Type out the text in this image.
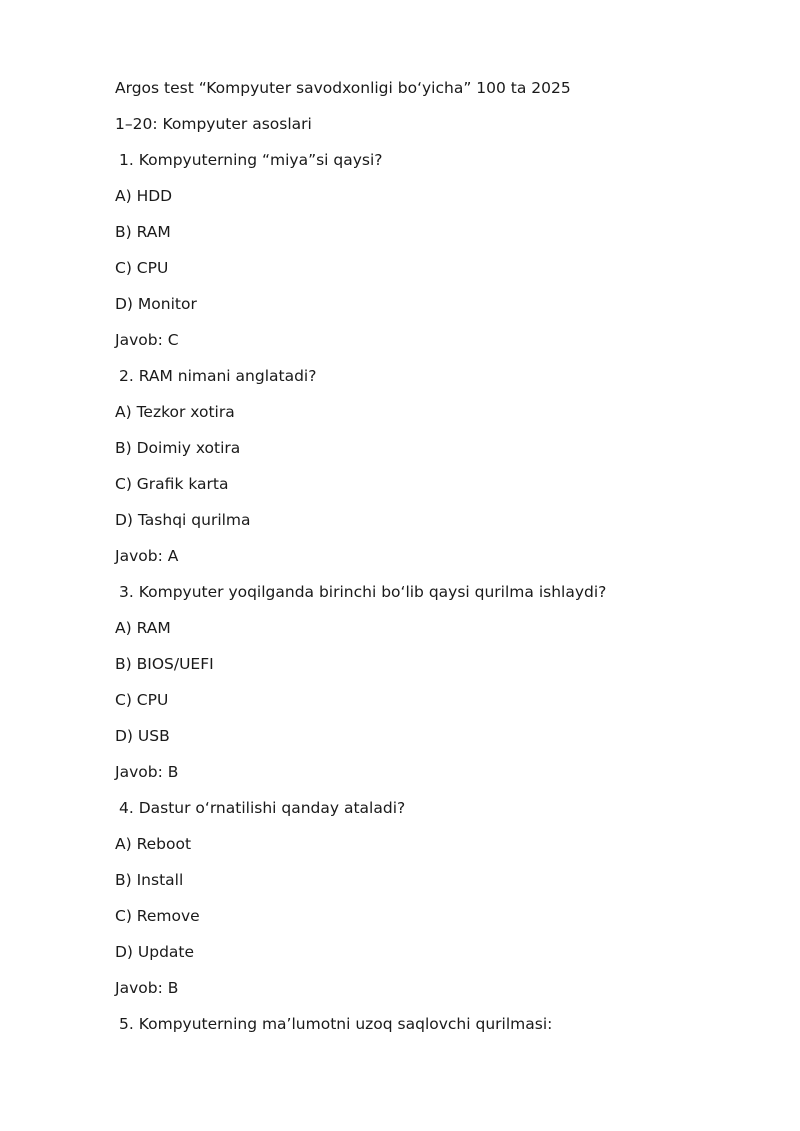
Argos test “Kompyuter savodxonligi bo‘yicha” 100 ta 2025
1–20: Kompyuter asoslari
1. Kompyuterning “miya”si qaysi?
A) HDD
B) RAM
C) CPU
D) Monitor
Javob: C
2. RAM nimani anglatadi?
A) Tezkor xotira
B) Doimiy xotira
C) Grafik karta
D) Tashqi qurilma
Javob: A
3. Kompyuter yoqilganda birinchi bo‘lib qaysi qurilma ishlaydi?
A) RAM
B) BIOS/UEFI
C) CPU
D) USB
Javob: B
4. Dastur o‘rnatilishi qanday ataladi?
A) Reboot
B) Install
C) Remove
D) Update
Javob: B
5. Kompyuterning ma’lumotni uzoq saqlovchi qurilmasi:
